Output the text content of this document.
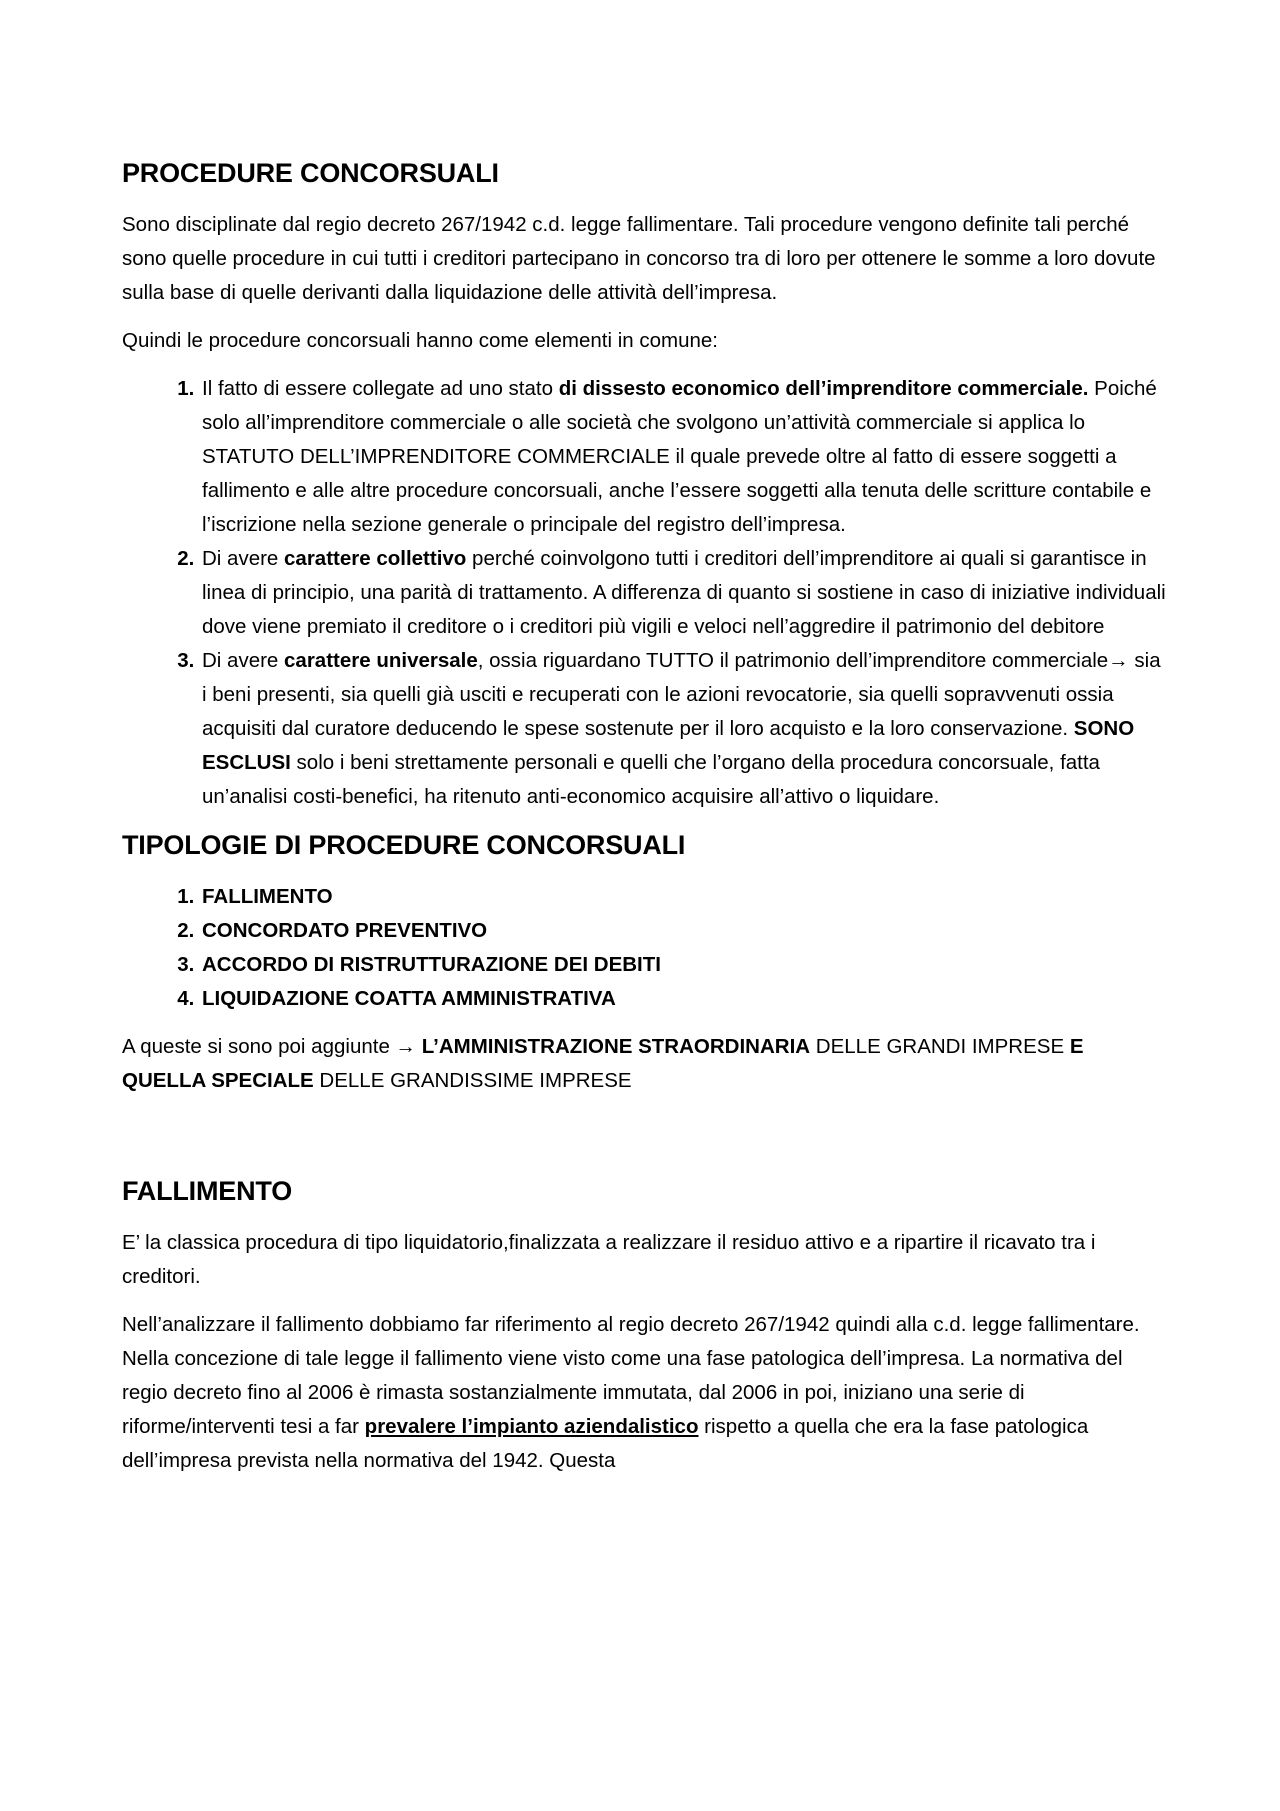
PROCEDURE CONCORSUALI

Sono disciplinate dal regio decreto 267/1942 c.d. legge fallimentare. Tali procedure vengono definite tali perché sono quelle procedure in cui tutti i creditori partecipano in concorso tra di loro per ottenere le somme a loro dovute sulla base di quelle derivanti dalla liquidazione delle attività dell’impresa.

Quindi le procedure concorsuali hanno come elementi in comune:

1. Il fatto di essere collegate ad uno stato di dissesto economico dell’imprenditore commerciale. Poiché solo all’imprenditore commerciale o alle società che svolgono un’attività commerciale si applica lo STATUTO DELL’IMPRENDITORE COMMERCIALE il quale prevede oltre al fatto di essere soggetti a fallimento e alle altre procedure concorsuali, anche l’essere soggetti alla tenuta delle scritture contabile e l’iscrizione nella sezione generale o principale del registro dell’impresa.
2. Di avere carattere collettivo perché coinvolgono tutti i creditori dell’imprenditore ai quali si garantisce in linea di principio, una parità di trattamento. A differenza di quanto si sostiene in caso di iniziative individuali dove viene premiato il creditore o i creditori più vigili e veloci nell’aggredire il patrimonio del debitore
3. Di avere carattere universale, ossia riguardano TUTTO il patrimonio dell’imprenditore commerciale→ sia i beni presenti, sia quelli già usciti e recuperati con le azioni revocatorie, sia quelli sopravvenuti ossia acquisiti dal curatore deducendo le spese sostenute per il loro acquisto e la loro conservazione. SONO ESCLUSI solo i beni strettamente personali e quelli che l’organo della procedura concorsuale, fatta un’analisi costi-benefici, ha ritenuto anti-economico acquisire all’attivo o liquidare.
TIPOLOGIE DI PROCEDURE CONCORSUALI
1. FALLIMENTO
2. CONCORDATO PREVENTIVO
3. ACCORDO DI RISTRUTTURAZIONE DEI DEBITI
4. LIQUIDAZIONE COATTA AMMINISTRATIVA

A queste si sono poi aggiunte → L’AMMINISTRAZIONE STRAORDINARIA DELLE GRANDI IMPRESE E QUELLA SPECIALE DELLE GRANDISSIME IMPRESE

FALLIMENTO

E’ la classica procedura di tipo liquidatorio,finalizzata a realizzare il residuo attivo e a ripartire il ricavato tra i creditori.

Nell’analizzare il fallimento dobbiamo far riferimento al regio decreto 267/1942 quindi alla c.d. legge fallimentare. Nella concezione di tale legge il fallimento viene visto come una fase patologica dell’impresa. La normativa del regio decreto fino al 2006 è rimasta sostanzialmente immutata, dal 2006 in poi, iniziano una serie di riforme/interventi tesi a far prevalere l’impianto aziendalistico rispetto a quella che era la fase patologica dell’impresa prevista nella normativa del 1942. Questa
